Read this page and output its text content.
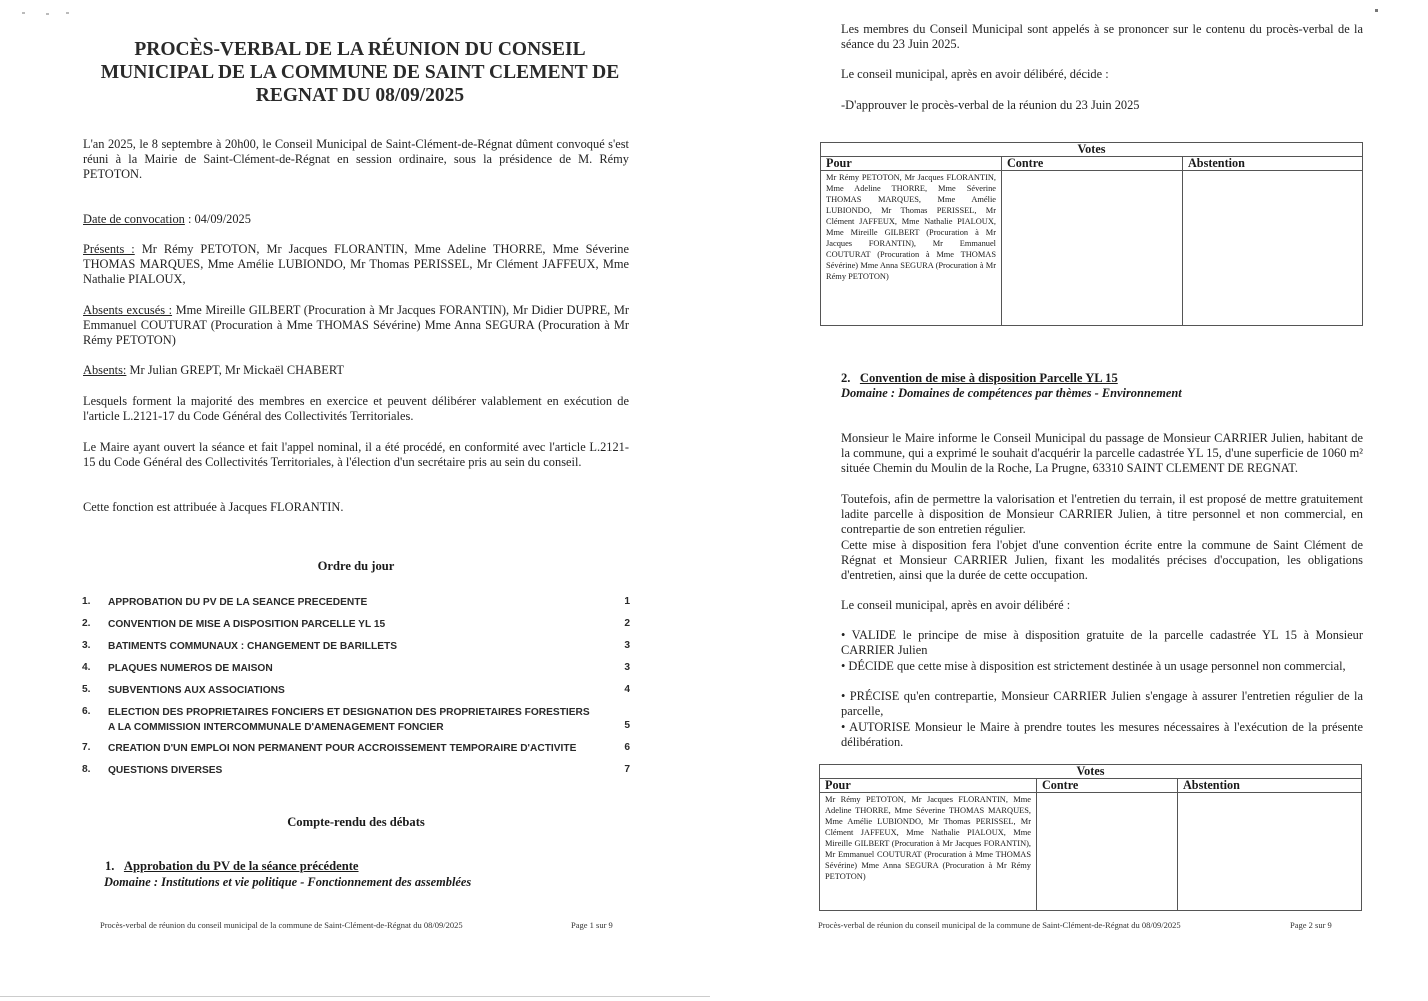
PROCÈS-VERBAL DE LA RÉUNION DU CONSEIL MUNICIPAL DE LA COMMUNE DE SAINT CLEMENT DE REGNAT DU 08/09/2025
L'an 2025, le 8 septembre à 20h00, le Conseil Municipal de Saint-Clément-de-Régnat dûment convoqué s'est réuni à la Mairie de Saint-Clément-de-Régnat en session ordinaire, sous la présidence de M. Rémy PETOTON.
Date de convocation : 04/09/2025
Présents : Mr Rémy PETOTON, Mr Jacques FLORANTIN, Mme Adeline THORRE, Mme Séverine THOMAS MARQUES, Mme Amélie LUBIONDO, Mr Thomas PERISSEL, Mr Clément JAFFEUX, Mme Nathalie PIALOUX,
Absents excusés : Mme Mireille GILBERT (Procuration à Mr Jacques FORANTIN), Mr Didier DUPRE, Mr Emmanuel COUTURAT (Procuration à Mme THOMAS Sévérine) Mme Anna SEGURA (Procuration à Mr Rémy PETOTON)
Absents: Mr Julian GREPT, Mr Mickaël CHABERT
Lesquels forment la majorité des membres en exercice et peuvent délibérer valablement en exécution de l'article L.2121-17 du Code Général des Collectivités Territoriales.
Le Maire ayant ouvert la séance et fait l'appel nominal, il a été procédé, en conformité avec l'article L.2121-15 du Code Général des Collectivités Territoriales, à l'élection d'un secrétaire pris au sein du conseil.
Cette fonction est attribuée à Jacques FLORANTIN.
Ordre du jour
1.	APPROBATION DU PV DE LA SEANCE PRECEDENTE	1
2.	CONVENTION DE MISE A DISPOSITION PARCELLE YL 15	2
3.	BATIMENTS COMMUNAUX : CHANGEMENT DE BARILLETS	3
4.	PLAQUES NUMEROS DE MAISON	3
5.	SUBVENTIONS AUX ASSOCIATIONS	4
6.	ELECTION DES PROPRIETAIRES FONCIERS ET DESIGNATION DES PROPRIETAIRES FORESTIERS A LA COMMISSION INTERCOMMUNALE D'AMENAGEMENT FONCIER	5
7.	CREATION D'UN EMPLOI NON PERMANENT POUR ACCROISSEMENT TEMPORAIRE D'ACTIVITE	6
8.	QUESTIONS DIVERSES	7
Compte-rendu des débats
1. Approbation du PV de la séance précédente
Domaine : Institutions et vie politique - Fonctionnement des assemblées
Procès-verbal de réunion du conseil municipal de la commune de Saint-Clément-de-Régnat du 08/09/2025	Page 1 sur 9
Les membres du Conseil Municipal sont appelés à se prononcer sur le contenu du procès-verbal de la séance du 23 Juin 2025.
Le conseil municipal, après en avoir délibéré, décide :
-D'approuver le procès-verbal de la réunion du 23 Juin 2025
Votes		
Pour	Contre	Abstention
Mr Rémy PETOTON, Mr Jacques FLORANTIN, Mme Adeline THORRE, Mme Séverine THOMAS MARQUES, Mme Amélie LUBIONDO, Mr Thomas PERISSEL, Mr Clément JAFFEUX, Mme Nathalie PIALOUX, Mme Mireille GILBERT (Procuration à Mr Jacques FORANTIN), Mr Emmanuel COUTURAT (Procuration à Mme THOMAS Sévérine) Mme Anna SEGURA (Procuration à Mr Rémy PETOTON)		
2. Convention de mise à disposition Parcelle YL 15
Domaine : Domaines de compétences par thèmes - Environnement
Monsieur le Maire informe le Conseil Municipal du passage de Monsieur CARRIER Julien, habitant de la commune, qui a exprimé le souhait d'acquérir la parcelle cadastrée YL 15, d'une superficie de 1060 m² située Chemin du Moulin de la Roche, La Prugne, 63310 SAINT CLEMENT DE REGNAT.
Toutefois, afin de permettre la valorisation et l'entretien du terrain, il est proposé de mettre gratuitement ladite parcelle à disposition de Monsieur CARRIER Julien, à titre personnel et non commercial, en contrepartie de son entretien régulier.
Cette mise à disposition fera l'objet d'une convention écrite entre la commune de Saint Clément de Régnat et Monsieur CARRIER Julien, fixant les modalités précises d'occupation, les obligations d'entretien, ainsi que la durée de cette occupation.
Le conseil municipal, après en avoir délibéré :
• VALIDE le principe de mise à disposition gratuite de la parcelle cadastrée YL 15 à Monsieur CARRIER Julien
• DÉCIDE que cette mise à disposition est strictement destinée à un usage personnel non commercial,
• PRÉCISE qu'en contrepartie, Monsieur CARRIER Julien s'engage à assurer l'entretien régulier de la parcelle,
• AUTORISE Monsieur le Maire à prendre toutes les mesures nécessaires à l'exécution de la présente délibération.
Votes		
Pour	Contre	Abstention
Mr Rémy PETOTON, Mr Jacques FLORANTIN, Mme Adeline THORRE, Mme Séverine THOMAS MARQUES, Mme Amélie LUBIONDO, Mr Thomas PERISSEL, Mr Clément JAFFEUX, Mme Nathalie PIALOUX, Mme Mireille GILBERT (Procuration à Mr Jacques FORANTIN), Mr Emmanuel COUTURAT (Procuration à Mme THOMAS Sévérine) Mme Anna SEGURA (Procuration à Mr Rémy PETOTON)		
Procès-verbal de réunion du conseil municipal de la commune de Saint-Clément-de-Régnat du 08/09/2025	Page 2 sur 9
